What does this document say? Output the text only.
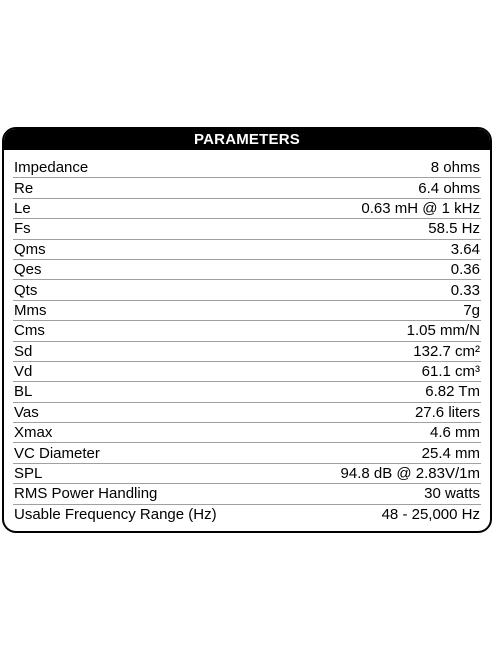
PARAMETERS
Impedance	8 ohms
Re	6.4 ohms
Le	0.63 mH @ 1 kHz
Fs	58.5 Hz
Qms	3.64
Qes	0.36
Qts	0.33
Mms	7g
Cms	1.05 mm/N
Sd	132.7 cm²
Vd	61.1 cm³
BL	6.82 Tm
Vas	27.6 liters
Xmax	4.6 mm
VC Diameter	25.4 mm
SPL	94.8 dB @ 2.83V/1m
RMS Power Handling	30 watts
Usable Frequency Range (Hz)	48 - 25,000 Hz
